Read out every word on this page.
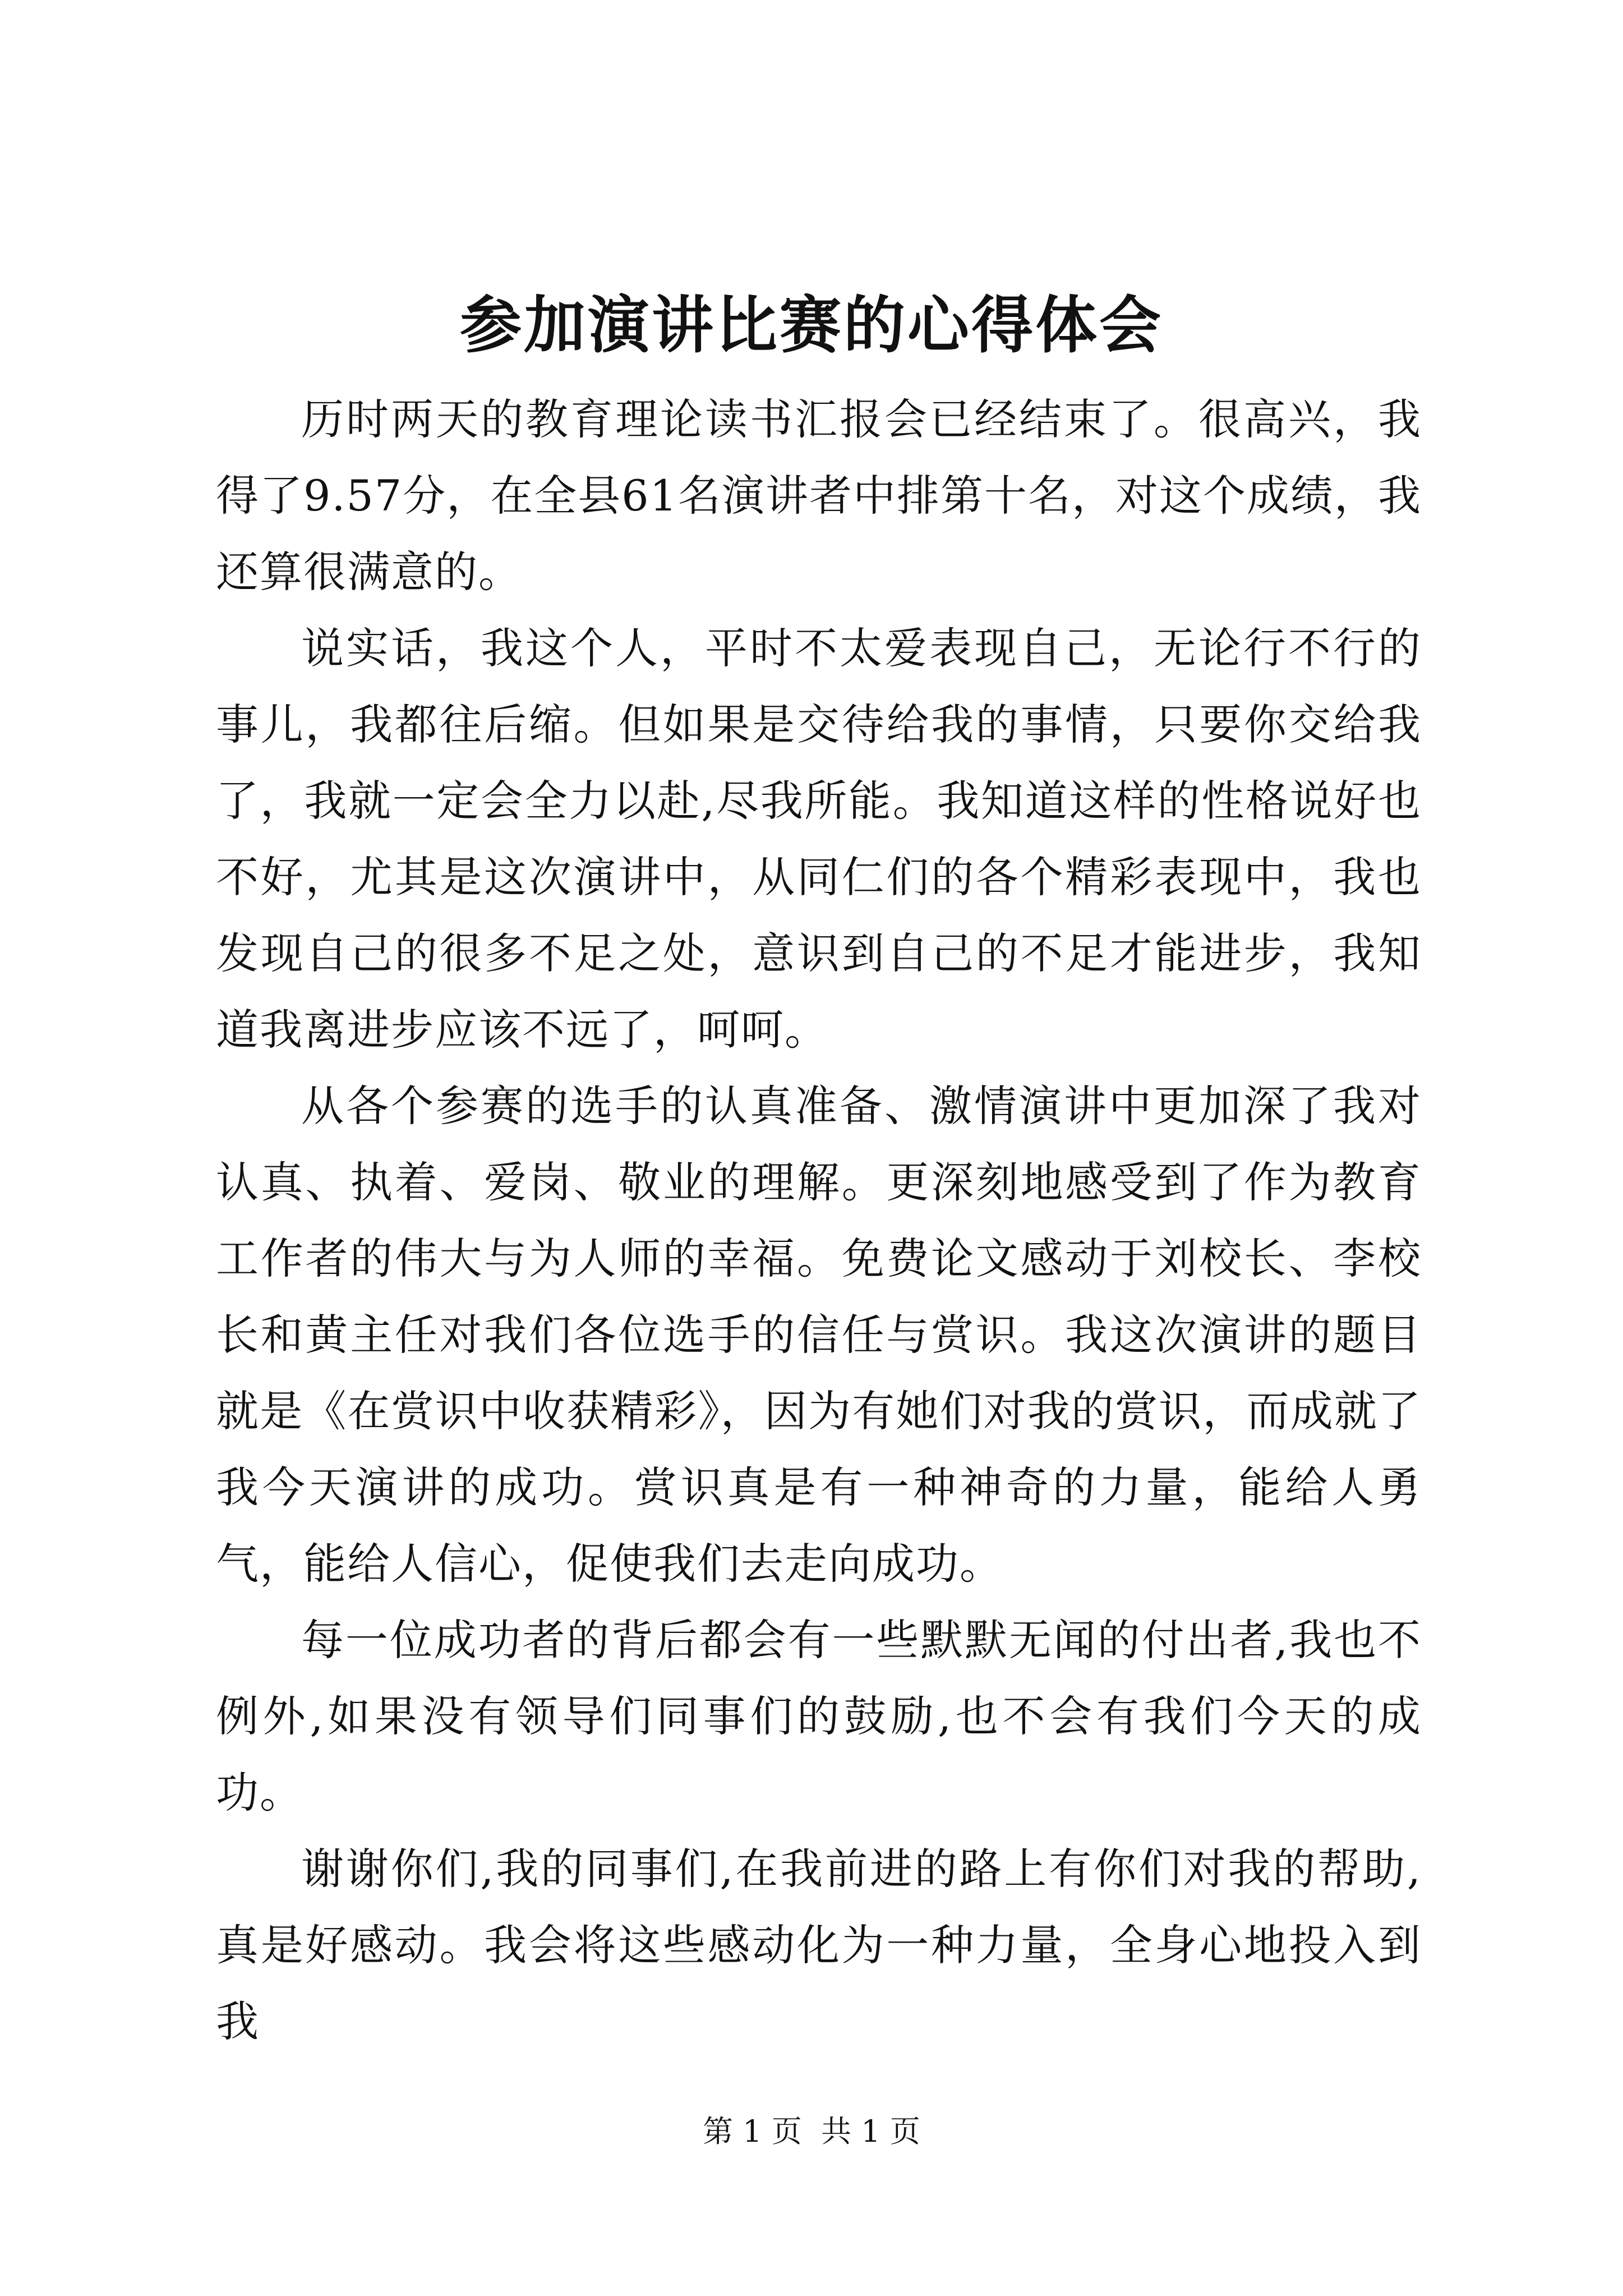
参加演讲比赛的心得体会

历时两天的教育理论读书汇报会已经结束了。很高兴，我得了9.57分，在全县61名演讲者中排第十名，对这个成绩，我还算很满意的。

说实话，我这个人，平时不太爱表现自己，无论行不行的事儿，我都往后缩。但如果是交待给我的事情，只要你交给我了，我就一定会全力以赴,尽我所能。我知道这样的性格说好也不好，尤其是这次演讲中，从同仁们的各个精彩表现中，我也发现自己的很多不足之处，意识到自己的不足才能进步，我知道我离进步应该不远了，呵呵。

从各个参赛的选手的认真准备、激情演讲中更加深了我对认真、执着、爱岗、敬业的理解。更深刻地感受到了作为教育工作者的伟大与为人师的幸福。免费论文感动于刘校长、李校长和黄主任对我们各位选手的信任与赏识。我这次演讲的题目就是《在赏识中收获精彩》，因为有她们对我的赏识，而成就了我今天演讲的成功。赏识真是有一种神奇的力量，能给人勇气，能给人信心，促使我们去走向成功。

每一位成功者的背后都会有一些默默无闻的付出者,我也不例外,如果没有领导们同事们的鼓励,也不会有我们今天的成功。

谢谢你们,我的同事们,在我前进的路上有你们对我的帮助,真是好感动。我会将这些感动化为一种力量，全身心地投入到我

第 1 页  共 1 页
